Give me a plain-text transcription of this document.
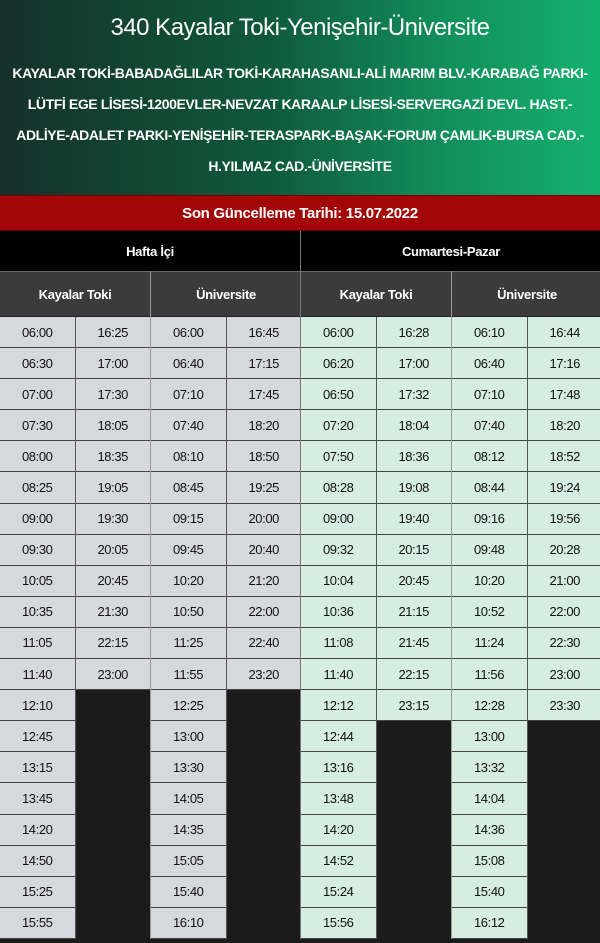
340 Kayalar Toki-Yenişehir-Üniversite
KAYALAR TOKİ-BABADAĞLILAR TOKİ-KARAHASANLI-ALİ MARIM BLV.-KARABAĞ PARKI-LÜTFİ EGE LİSESİ-1200EVLER-NEVZAT KARAALP LİSESİ-SERVERGAZİ DEVL. HAST.-ADLİYE-ADALET PARKI-YENİŞEHİR-TERASPARK-BAŞAK-FORUM ÇAMLIK-BURSA CAD.-H.YILMAZ CAD.-ÜNİVERSİTE
Son Güncelleme Tarihi: 15.07.2022
Hafta İçi
Kayalar Toki
06:00
06:30
07:00
07:30
08:00
08:25
09:00
09:30
10:05
10:35
11:05
11:40
12:10
12:45
13:15
13:45
14:20
14:50
15:25
15:55
16:25
17:00
17:30
18:05
18:35
19:05
19:30
20:05
20:45
21:30
22:15
23:00
Üniversite
06:00
06:40
07:10
07:40
08:10
08:45
09:15
09:45
10:20
10:50
11:25
11:55
12:25
13:00
13:30
14:05
14:35
15:05
15:40
16:10
16:45
17:15
17:45
18:20
18:50
19:25
20:00
20:40
21:20
22:00
22:40
23:20
Cumartesi-Pazar
Kayalar Toki
06:00
06:20
06:50
07:20
07:50
08:28
09:00
09:32
10:04
10:36
11:08
11:40
12:12
12:44
13:16
13:48
14:20
14:52
15:24
15:56
16:28
17:00
17:32
18:04
18:36
19:08
19:40
20:15
20:45
21:15
21:45
22:15
23:15
Üniversite
06:10
06:40
07:10
07:40
08:12
08:44
09:16
09:48
10:20
10:52
11:24
11:56
12:28
13:00
13:32
14:04
14:36
15:08
15:40
16:12
16:44
17:16
17:48
18:20
18:52
19:24
19:56
20:28
21:00
22:00
22:30
23:00
23:30
